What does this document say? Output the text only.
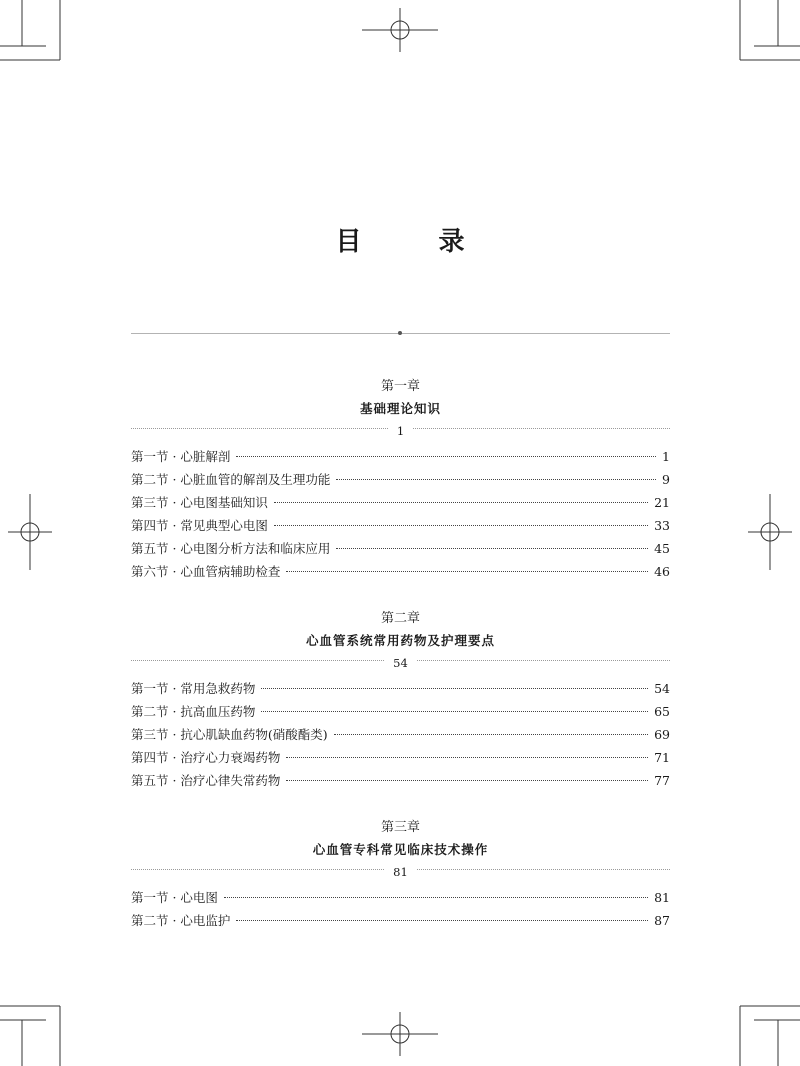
目 录
第一章
基础理论知识
1
第一节 · 心脏解剖	1
第二节 · 心脏血管的解剖及生理功能	9
第三节 · 心电图基础知识	21
第四节 · 常见典型心电图	33
第五节 · 心电图分析方法和临床应用	45
第六节 · 心血管病辅助检查	46
第二章
心血管系统常用药物及护理要点
54
第一节 · 常用急救药物	54
第二节 · 抗高血压药物	65
第三节 · 抗心肌缺血药物(硝酸酯类)	69
第四节 · 治疗心力衰竭药物	71
第五节 · 治疗心律失常药物	77
第三章
心血管专科常见临床技术操作
81
第一节 · 心电图	81
第二节 · 心电监护	87
